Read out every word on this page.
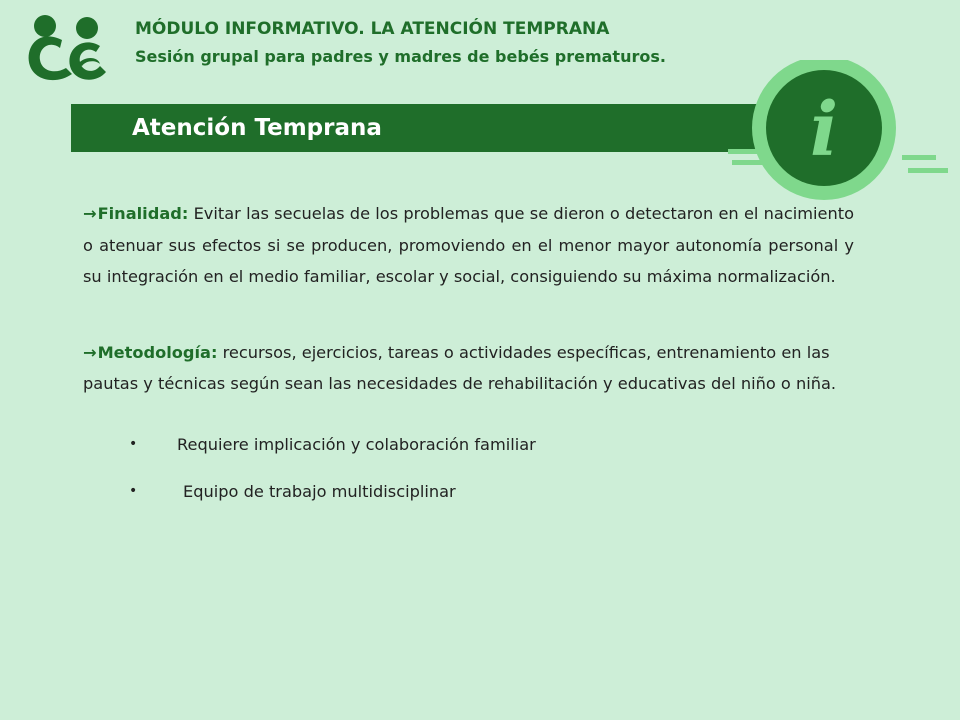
MÓDULO INFORMATIVO. LA ATENCIÓN TEMPRANA
Sesión grupal para padres y madres de bebés prematuros.
Atención Temprana	i

→Finalidad: Evitar las secuelas de los problemas que se dieron o detectaron en el nacimiento o atenuar sus efectos si se producen, promoviendo en el menor mayor autonomía personal y su integración en el medio familiar, escolar y social, consiguiendo su máxima normalización.

→Metodología: recursos, ejercicios, tareas o actividades específicas, entrenamiento en las pautas y técnicas según sean las necesidades de rehabilitación y educativas del niño o niña.

• Requiere implicación y colaboración familiar
•	Equipo de trabajo multidisciplinar
